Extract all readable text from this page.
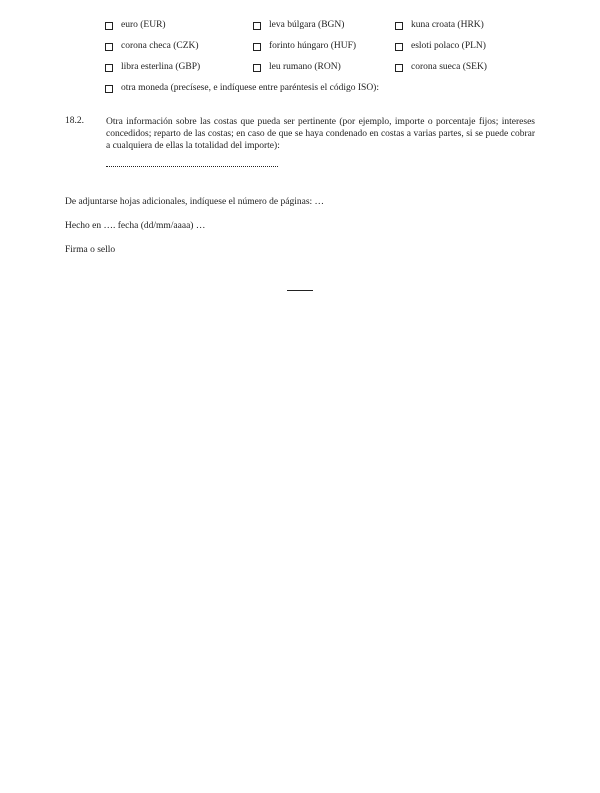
euro (EUR)	leva búlgara (BGN)	kuna croata (HRK)
corona checa (CZK)	forinto húngaro (HUF)	esloti polaco (PLN)
libra esterlina (GBP)	leu rumano (RON)	corona sueca (SEK)
otra moneda (precísese, e indíquese entre paréntesis el código ISO):
18.2. Otra información sobre las costas que pueda ser pertinente (por ejemplo, importe o porcentaje fijos; intereses concedidos; reparto de las costas; en caso de que se haya condenado en costas a varias partes, si se puede cobrar a cualquiera de ellas la totalidad del importe):
De adjuntarse hojas adicionales, indíquese el número de páginas: …
Hecho en …. fecha (dd/mm/aaaa) …
Firma o sello
